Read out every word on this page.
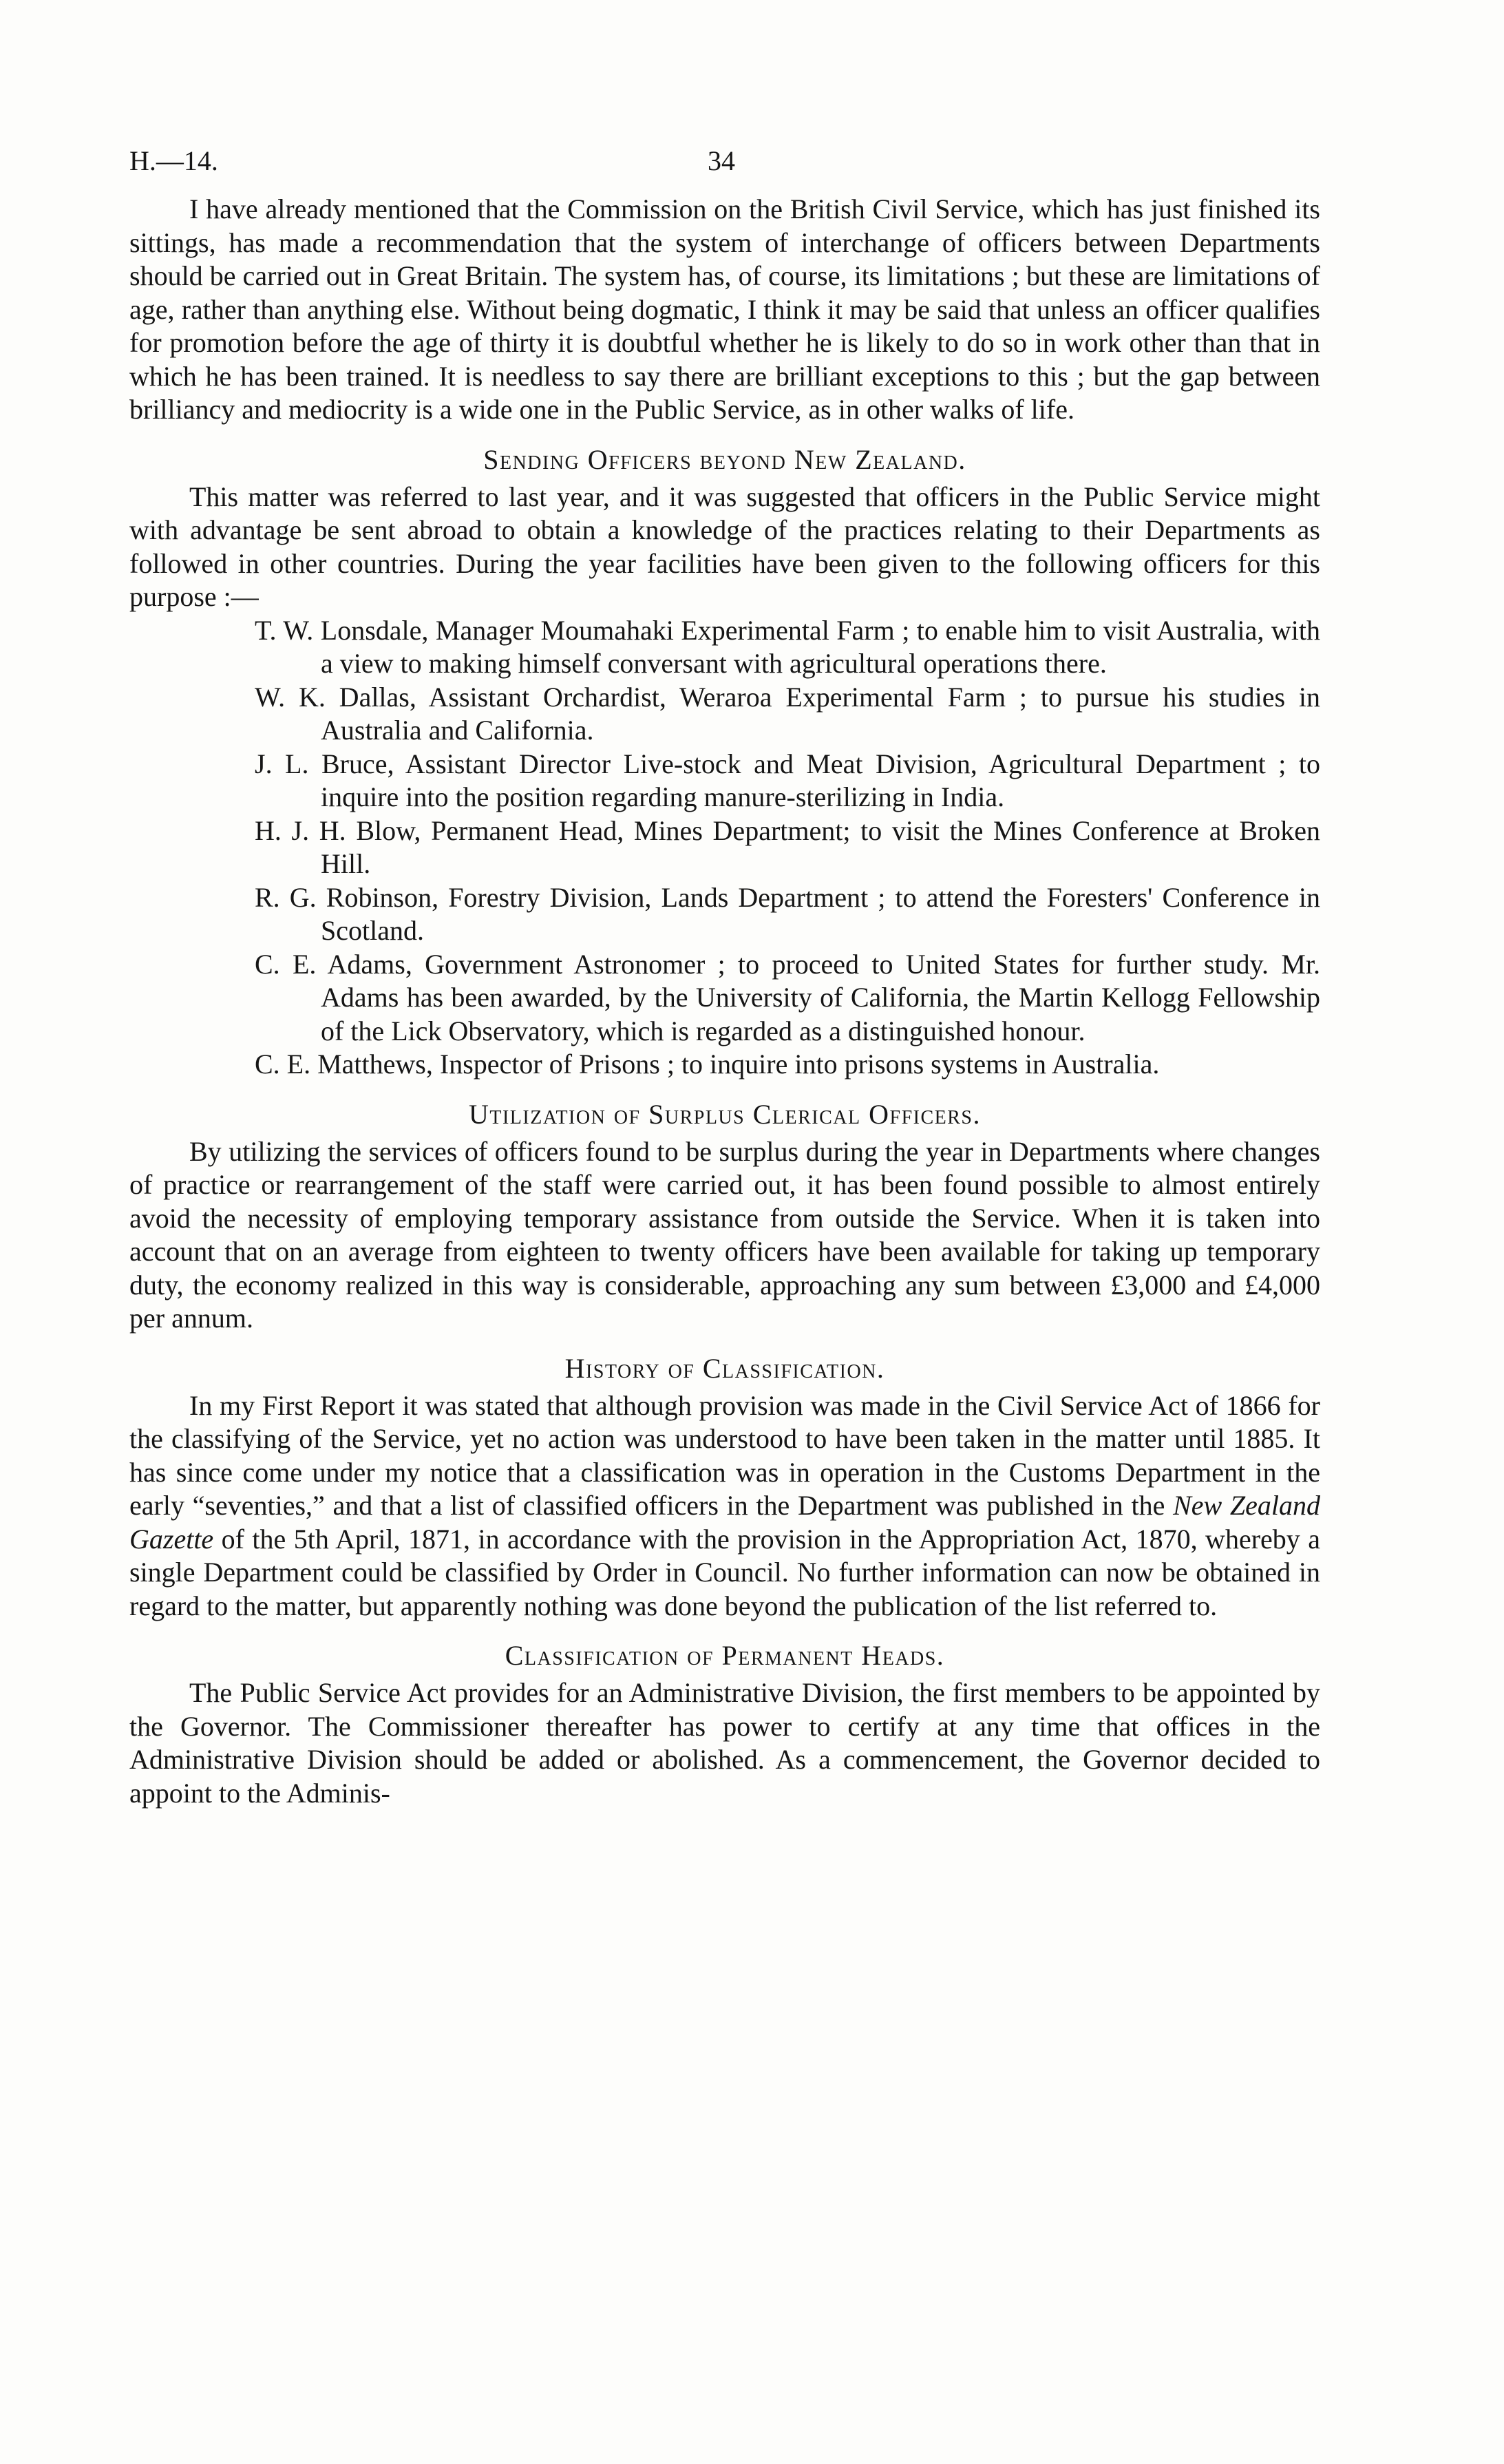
H.—14.	34

I have already mentioned that the Commission on the British Civil Service, which has just finished its sittings, has made a recommendation that the system of interchange of officers between Departments should be carried out in Great Britain. The system has, of course, its limitations ; but these are limitations of age, rather than anything else. Without being dogmatic, I think it may be said that unless an officer qualifies for promotion before the age of thirty it is doubtful whether he is likely to do so in work other than that in which he has been trained. It is needless to say there are brilliant exceptions to this ; but the gap between brilliancy and mediocrity is a wide one in the Public Service, as in other walks of life.

Sending Officers beyond New Zealand.

This matter was referred to last year, and it was suggested that officers in the Public Service might with advantage be sent abroad to obtain a knowledge of the practices relating to their Departments as followed in other countries. During the year facilities have been given to the following officers for this purpose :—

T. W. Lonsdale, Manager Moumahaki Experimental Farm ; to enable him to visit Australia, with a view to making himself conversant with agricultural operations there.
W. K. Dallas, Assistant Orchardist, Weraroa Experimental Farm ; to pursue his studies in Australia and California.
J. L. Bruce, Assistant Director Live-stock and Meat Division, Agricultural Department ; to inquire into the position regarding manure-sterilizing in India.
H. J. H. Blow, Permanent Head, Mines Department; to visit the Mines Conference at Broken Hill.
R. G. Robinson, Forestry Division, Lands Department ; to attend the Foresters' Conference in Scotland.
C. E. Adams, Government Astronomer ; to proceed to United States for further study. Mr. Adams has been awarded, by the University of California, the Martin Kellogg Fellowship of the Lick Observatory, which is regarded as a distinguished honour.
C. E. Matthews, Inspector of Prisons ; to inquire into prisons systems in Australia.
Utilization of Surplus Clerical Officers.

By utilizing the services of officers found to be surplus during the year in Departments where changes of practice or rearrangement of the staff were carried out, it has been found possible to almost entirely avoid the necessity of employing temporary assistance from outside the Service. When it is taken into account that on an average from eighteen to twenty officers have been available for taking up temporary duty, the economy realized in this way is considerable, approaching any sum between £3,000 and £4,000 per annum.

History of Classification.

In my First Report it was stated that although provision was made in the Civil Service Act of 1866 for the classifying of the Service, yet no action was understood to have been taken in the matter until 1885. It has since come under my notice that a classification was in operation in the Customs Department in the early “seventies,” and that a list of classified officers in the Department was published in the New Zealand Gazette of the 5th April, 1871, in accordance with the provision in the Appropriation Act, 1870, whereby a single Department could be classified by Order in Council. No further information can now be obtained in regard to the matter, but apparently nothing was done beyond the publication of the list referred to.

Classification of Permanent Heads.

The Public Service Act provides for an Administrative Division, the first members to be appointed by the Governor. The Commissioner thereafter has power to certify at any time that offices in the Administrative Division should be added or abolished. As a commencement, the Governor decided to appoint to the Adminis-
